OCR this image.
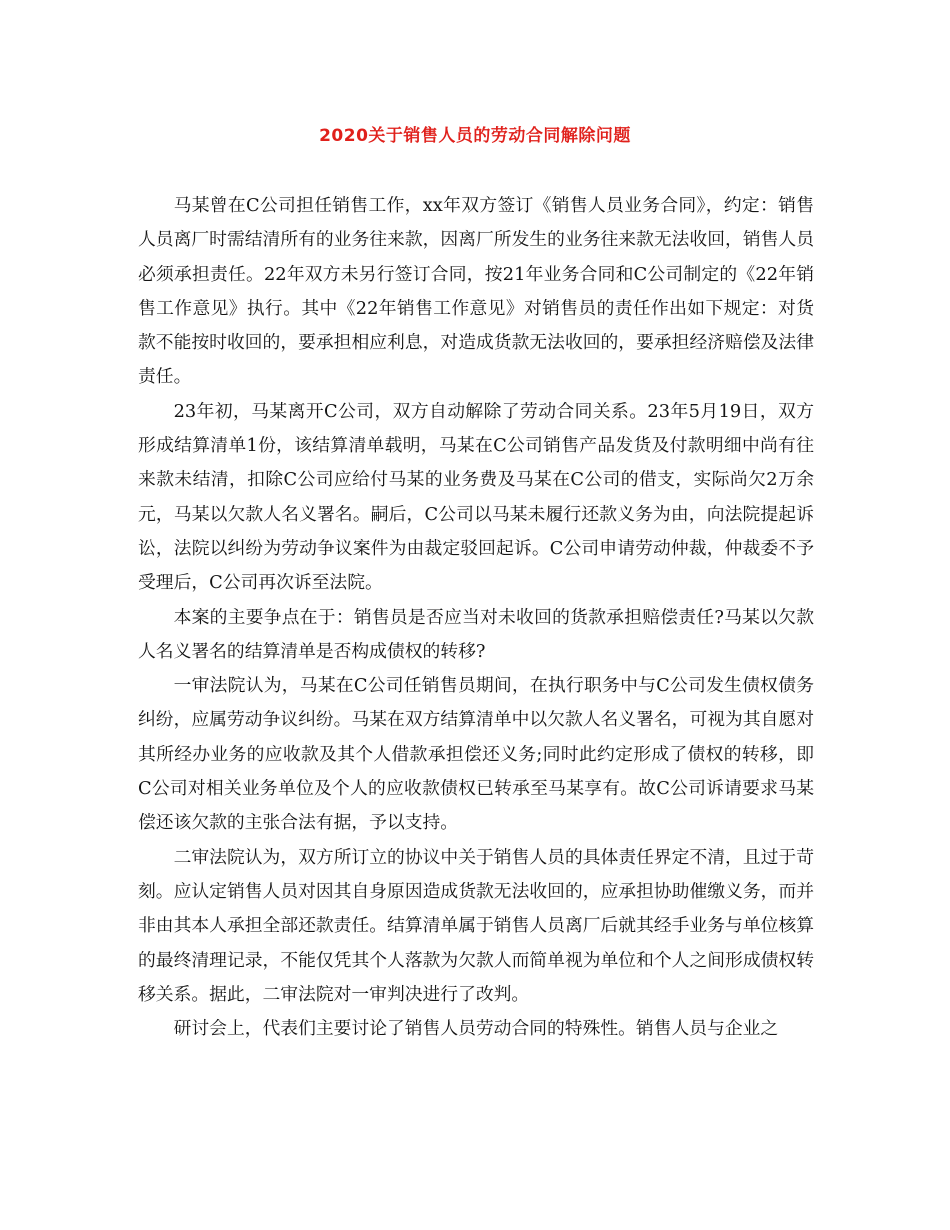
2020关于销售人员的劳动合同解除问题

马某曾在C公司担任销售工作，xx年双方签订《销售人员业务合同》，约定：销售人员离厂时需结清所有的业务往来款，因离厂所发生的业务往来款无法收回，销售人员必须承担责任。22年双方未另行签订合同，按21年业务合同和C公司制定的《22年销售工作意见》执行。其中《22年销售工作意见》对销售员的责任作出如下规定：对货款不能按时收回的，要承担相应利息，对造成货款无法收回的，要承担经济赔偿及法律责任。

23年初，马某离开C公司，双方自动解除了劳动合同关系。23年5月19日，双方形成结算清单1份，该结算清单载明，马某在C公司销售产品发货及付款明细中尚有往来款未结清，扣除C公司应给付马某的业务费及马某在C公司的借支，实际尚欠2万余元，马某以欠款人名义署名。嗣后，C公司以马某未履行还款义务为由，向法院提起诉讼，法院以纠纷为劳动争议案件为由裁定驳回起诉。C公司申请劳动仲裁，仲裁委不予受理后，C公司再次诉至法院。

本案的主要争点在于：销售员是否应当对未收回的货款承担赔偿责任?马某以欠款人名义署名的结算清单是否构成债权的转移?

一审法院认为，马某在C公司任销售员期间，在执行职务中与C公司发生债权债务纠纷，应属劳动争议纠纷。马某在双方结算清单中以欠款人名义署名，可视为其自愿对其所经办业务的应收款及其个人借款承担偿还义务;同时此约定形成了债权的转移，即C公司对相关业务单位及个人的应收款债权已转承至马某享有。故C公司诉请要求马某偿还该欠款的主张合法有据，予以支持。

二审法院认为，双方所订立的协议中关于销售人员的具体责任界定不清，且过于苛刻。应认定销售人员对因其自身原因造成货款无法收回的，应承担协助催缴义务，而并非由其本人承担全部还款责任。结算清单属于销售人员离厂后就其经手业务与单位核算的最终清理记录，不能仅凭其个人落款为欠款人而简单视为单位和个人之间形成债权转移关系。据此，二审法院对一审判决进行了改判。

研讨会上，代表们主要讨论了销售人员劳动合同的特殊性。销售人员与企业之
